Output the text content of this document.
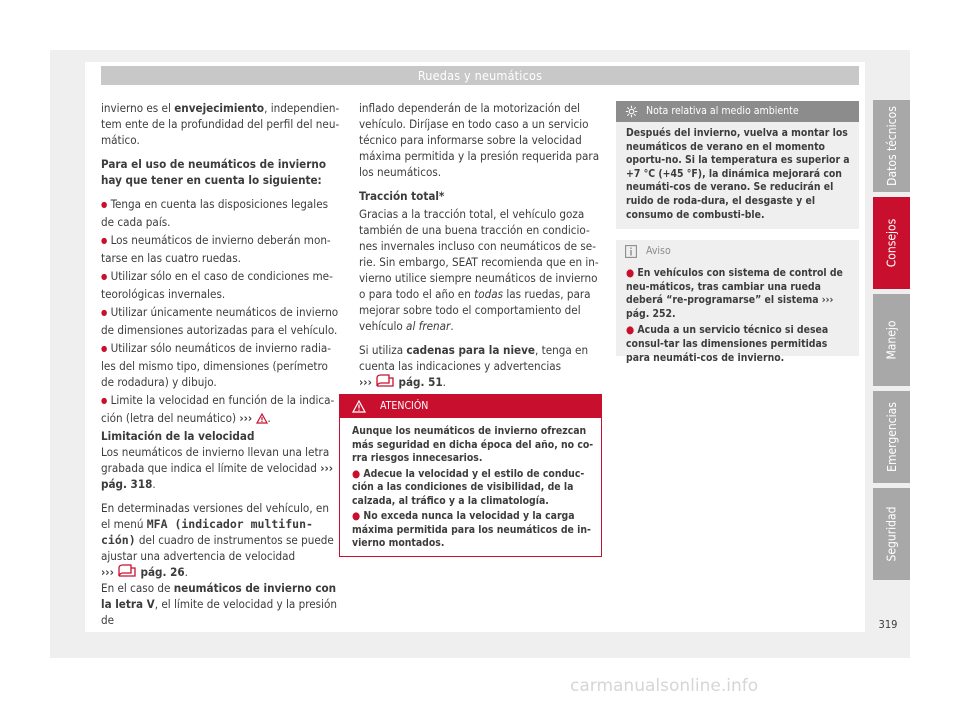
Ruedas y neumáticos

invierno es el envejecimiento, independien-tem ente de la profundidad del perfil del neu-mático.

Para el uso de neumáticos de invierno hay que tener en cuenta lo siguiente:

● Tenga en cuenta las disposiciones legales de cada país.
● Los neumáticos de invierno deberán mon-tarse en las cuatro ruedas.
● Utilizar sólo en el caso de condiciones me-teorológicas invernales.
● Utilizar únicamente neumáticos de invierno de dimensiones autorizadas para el vehículo.
● Utilizar sólo neumáticos de invierno radia-les del mismo tipo, dimensiones (perímetro de rodadura) y dibujo.

● Limite la velocidad en función de la indica-ción (letra del neumático) ››› .

Limitación de la velocidad

Los neumáticos de invierno llevan una letra grabada que indica el límite de velocidad ››› pág. 318.

En determinadas versiones del vehículo, en el menú MFA (indicador multifun-ción) del cuadro de instrumentos se puede ajustar una advertencia de velocidad
››› pág. 26.

En el caso de neumáticos de invierno con la letra V, el límite de velocidad y la presión de

inflado dependerán de la motorización del vehículo. Diríjase en todo caso a un servicio técnico para informarse sobre la velocidad máxima permitida y la presión requerida para los neumáticos.

Tracción total*

Gracias a la tracción total, el vehículo goza también de una buena tracción en condicio-nes invernales incluso con neumáticos de se-rie. Sin embargo, SEAT recomienda que en in-vierno utilice siempre neumáticos de invierno o para todo el año en todas las ruedas, para mejorar sobre todo el comportamiento del vehículo al frenar.

Si utiliza cadenas para la nieve, tenga en cuenta las indicaciones y advertencias
››› pág. 51.

ATENCIÓN

Aunque los neumáticos de invierno ofrezcan más seguridad en dicha época del año, no co-rra riesgos innecesarios.

● Adecue la velocidad y el estilo de conduc-ción a las condiciones de visibilidad, de la calzada, al tráfico y a la climatología.

● No exceda nunca la velocidad y la carga máxima permitida para los neumáticos de in-vierno montados.

Nota relativa al medio ambiente
Después del invierno, vuelva a montar los neumáticos de verano en el momento oportu-no. Si la temperatura es superior a +7 °C (+45 °F), la dinámica mejorará con neumáti-cos de verano. Se reducirán el ruido de roda-dura, el desgaste y el consumo de combusti-ble.
Aviso

● En vehículos con sistema de control de neu-máticos, tras cambiar una rueda deberá “re-programarse” el sistema ››› pág. 252.

● Acuda a un servicio técnico si desea consul-tar las dimensiones permitidas para neumáti-cos de invierno.

Datos técnicos
Consejos
Manejo
Emergencias
Seguridad
319
carmanualsonline.info
